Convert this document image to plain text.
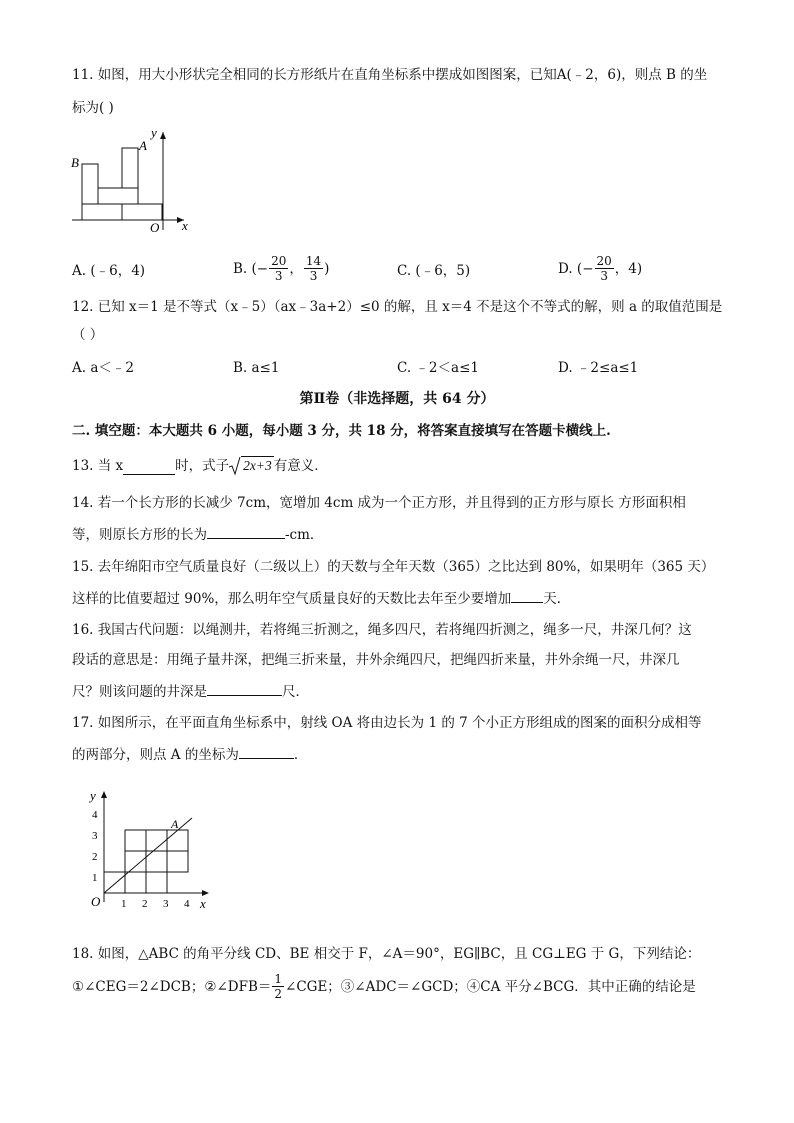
11. 如图，用大小形状完全相同的长方形纸片在直角坐标系中摆成如图图案，已知A(﹣2，6)，则点 B 的坐
标为( )
y
x
O
A
B
A. (﹣6，4)	B. (− $\frac{20}{3}$ ， $\frac{14}{3}$ )	C. (﹣6，5)	D. (− $\frac{20}{3}$ ，4)
12. 已知 x＝1 是不等式（x﹣5）（ax﹣3a+2）≤0 的解，且 x＝4 不是这个不等式的解，则 a 的取值范围是
（ ）
A. a＜﹣2	B. a≤1	C. ﹣2＜a≤1	D. ﹣2≤a≤1
第Ⅱ卷（非选择题，共 64 分）
二. 填空题：本大题共 6 小题，每小题 3 分，共 18 分，将答案直接填写在答题卡横线上.
13. 当 x	时，式子 2x+3 有意义．
14. 若一个长方形的长减少 7cm，宽增加 4cm 成为一个正方形，并且得到的正方形与原长 方形面积相
等，则原长方形的长为	-cm．
15. 去年绵阳市空气质量良好（二级以上）的天数与全年天数（365）之比达到 80%，如果明年（365 天）
这样的比值要超过 90%，那么明年空气质量良好的天数比去年至少要增加 天．
16. 我国古代问题：以绳测井，若将绳三折测之，绳多四尺，若将绳四折测之，绳多一尺，井深几何？这
段话的意思是：用绳子量井深，把绳三折来量，井外余绳四尺，把绳四折来量，井外余绳一尺，井深几
尺？则该问题的井深是	尺．
17. 如图所示，在平面直角坐标系中，射线 OA 将由边长为 1 的 7 个小正方形组成的图案的面积分成相等
的两部分，则点 A 的坐标为	．
y
x
O
A
4
3
2
1
1 2 3 4
18. 如图，△ABC 的角平分线 CD、BE 相交于 F，∠A＝90°，EG∥BC，且 CG⊥EG 于 G，下列结论：
①∠CEG＝2∠DCB；②∠DFB＝ $\frac{1}{2}$ ∠CGE；③∠ADC＝∠GCD；④CA 平分∠BCG．其中正确的结论是
